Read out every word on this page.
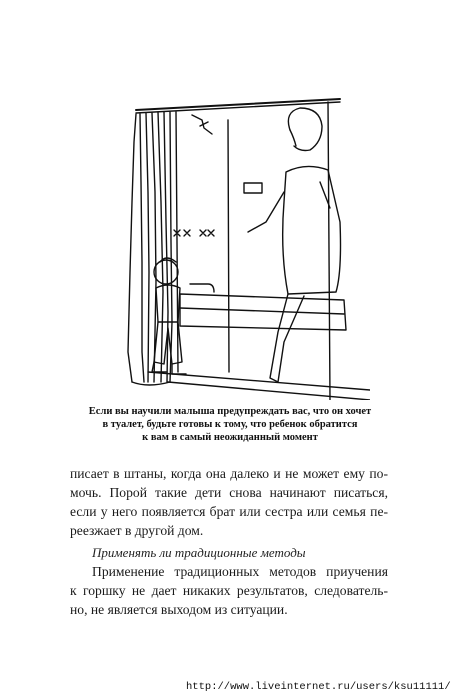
Если вы научили малыша предупреждать вас, что он хочет
в туалет, будьте готовы к тому, что ребенок обратится
к вам в самый неожиданный момент
писает в штаны, когда она далеко и не может ему по-
мочь. Порой такие дети снова начинают писаться,
если у него появляется брат или сестра или семья пе-
реезжает в другой дом.
Применять ли традиционные методы
Применение традиционных методов приучения
к горшку не дает никаких результатов, следователь-
но, не является выходом из ситуации.
http://www.liveinternet.ru/users/ksu11111/
